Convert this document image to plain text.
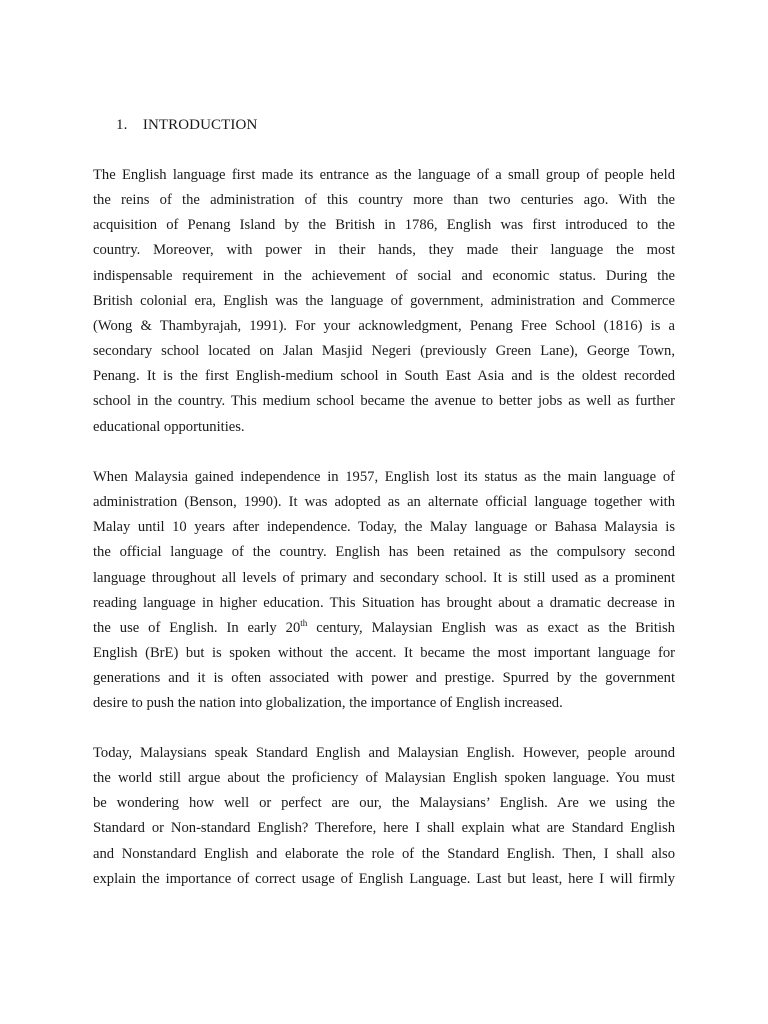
1. INTRODUCTION
The English language first made its entrance as the language of a small group of people held
the reins of the administration of this country more than two centuries ago. With the
acquisition of Penang Island by the British in 1786, English was first introduced to the
country. Moreover, with power in their hands, they made their language the most
indispensable requirement in the achievement of social and economic status. During the
British colonial era, English was the language of government, administration and Commerce
(Wong & Thambyrajah, 1991). For your acknowledgment, Penang Free School (1816) is a
secondary school located on Jalan Masjid Negeri (previously Green Lane), George Town,
Penang. It is the first English-medium school in South East Asia and is the oldest recorded
school in the country. This medium school became the avenue to better jobs as well as further
educational opportunities.
When Malaysia gained independence in 1957, English lost its status as the main language of
administration (Benson, 1990). It was adopted as an alternate official language together with
Malay until 10 years after independence. Today, the Malay language or Bahasa Malaysia is
the official language of the country. English has been retained as the compulsory second
language throughout all levels of primary and secondary school. It is still used as a prominent
reading language in higher education. This Situation has brought about a dramatic decrease in
the use of English. In early 20th century, Malaysian English was as exact as the British
English (BrE) but is spoken without the accent. It became the most important language for
generations and it is often associated with power and prestige. Spurred by the government
desire to push the nation into globalization, the importance of English increased.
Today, Malaysians speak Standard English and Malaysian English. However, people around
the world still argue about the proficiency of Malaysian English spoken language. You must
be wondering how well or perfect are our, the Malaysians’ English. Are we using the
Standard or Non-standard English? Therefore, here I shall explain what are Standard English
and Nonstandard English and elaborate the role of the Standard English. Then, I shall also
explain the importance of correct usage of English Language. Last but least, here I will firmly
